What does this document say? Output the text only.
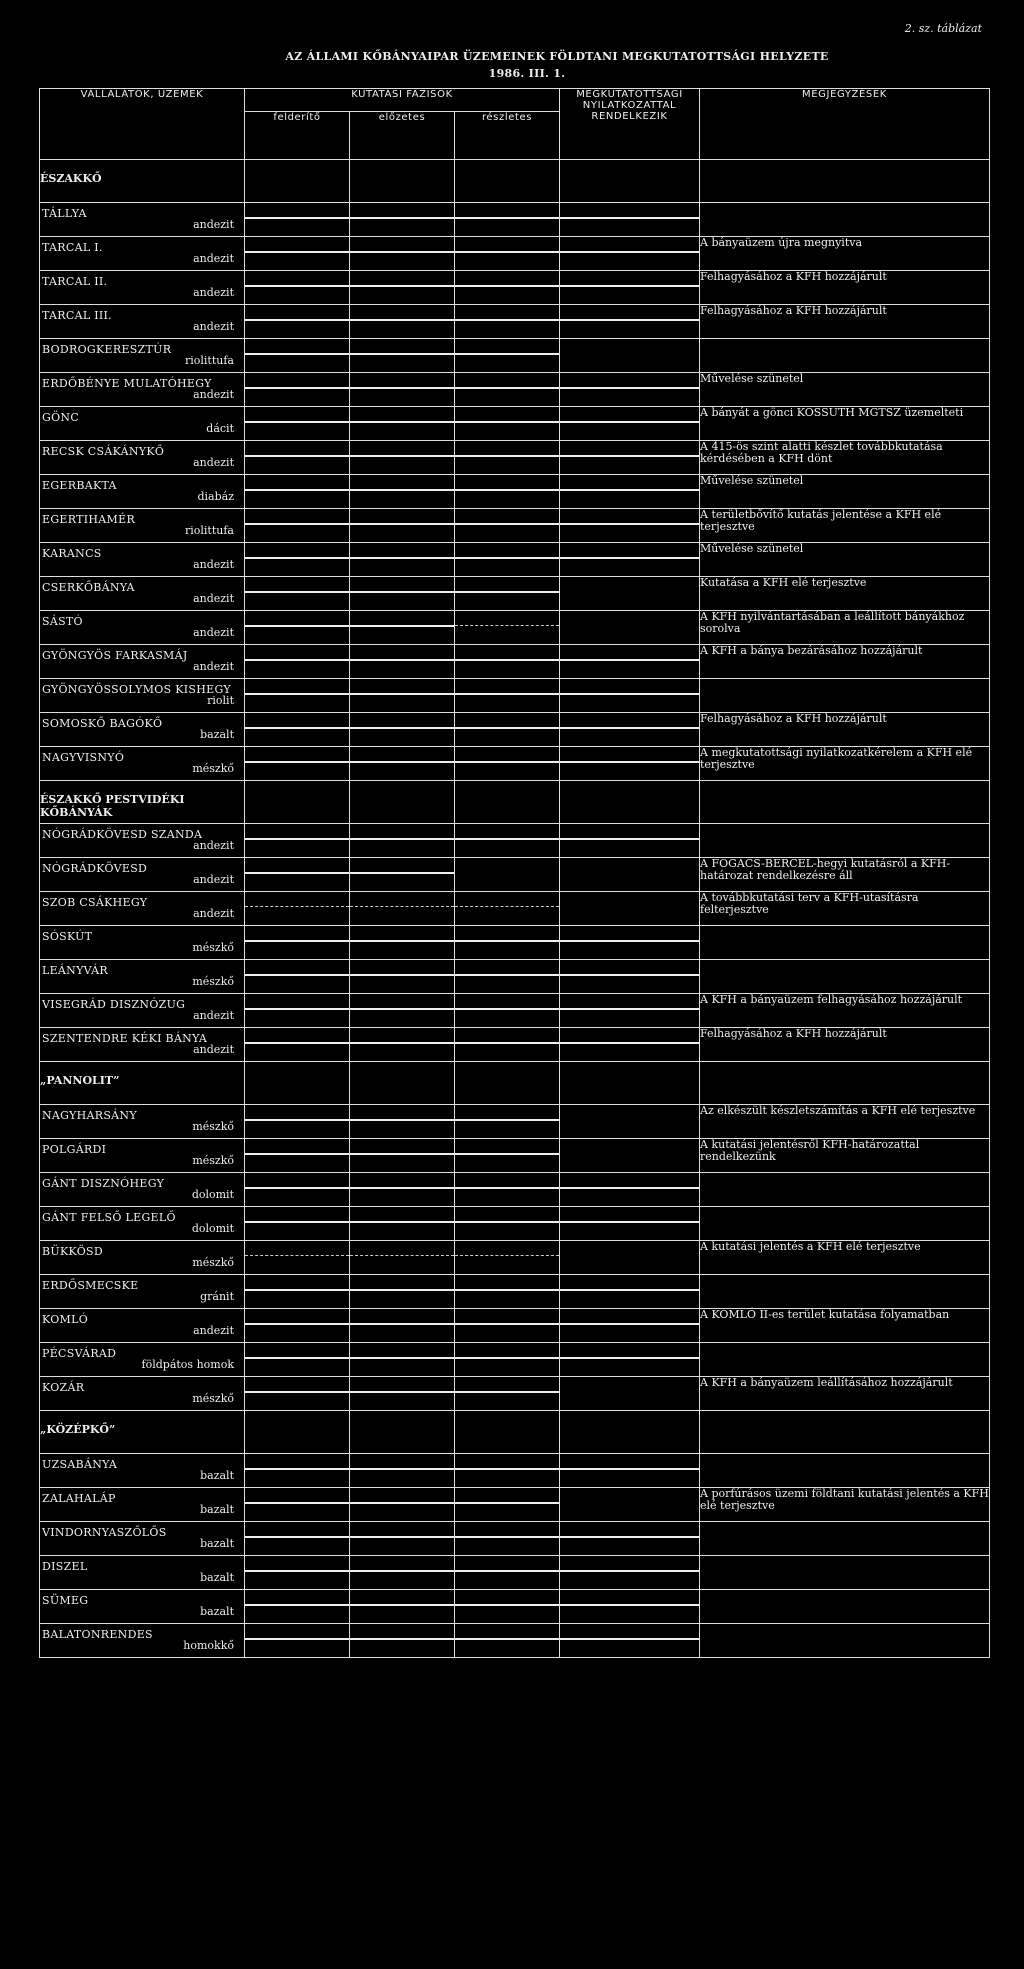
2. sz. táblázat
AZ ÁLLAMI KŐBÁNYAIPAR ÜZEMEINEK FÖLDTANI MEGKUTATOTTSÁGI HELYZETE
1986. III. 1.
VÁLLALATOK, ÜZEMEK	KUTATÁSI FÁZISOK			MEGKUTATOTTSÁGI NYILATKOZATTAL RENDELKEZIK	MEGJEGYZÉSEK
	felderítő	előzetes	részletes		
ÉSZAKKŐ					

TÁLLYA
andezit					

TARCAL I.
andezit					A bányaüzem újra megnyitva

TARCAL II.
andezit					Felhagyásához a KFH hozzájárult

TARCAL III.
andezit					Felhagyásához a KFH hozzájárult

BODROGKERESZTÚR
riolittufa					

ERDŐBÉNYE MULATÓHEGY
andezit					Művelése szünetel

GÖNC
dácit					A bányát a gönci KOSSUTH MGTSZ üzemelteti

RECSK CSÁKÁNYKŐ
andezit					A 415-ös szint alatti készlet továbbkutatása kérdésében a KFH dönt

EGERBAKTA
diabáz					Művelése szünetel

EGERTIHAMÉR
riolittufa					A területbővítő kutatás jelentése a KFH elé terjesztve

KARANCS
andezit					Művelése szünetel

CSERKŐBÁNYA
andezit					Kutatása a KFH elé terjesztve

SÁSTÓ
andezit					A KFH nyilvántartásában a leállított bányákhoz sorolva

GYÖNGYÖS FARKASMÁJ
andezit					A KFH a bánya bezárásához hozzájárult

GYÖNGYÖSSOLYMOS KISHEGY
riolit					

SOMOSKŐ BAGÓKŐ
bazalt					Felhagyásához a KFH hozzájárult

NAGYVISNYÓ
mészkő					A megkutatottsági nyilatkozatkérelem a KFH elé terjesztve
ÉSZAKKŐ PESTVIDÉKI KŐBÁNYÁK					

NÓGRÁDKÖVESD SZANDA
andezit					

NÓGRÁDKÖVESD
andezit					A FOGACS-BERCEL-hegyi kutatásról a KFH-határozat rendelkezésre áll

SZOB CSÁKHEGY
andezit					A továbbkutatási terv a KFH-utasításra felterjesztve

SÓSKÚT
mészkő					

LEÁNYVÁR
mészkő					

VISEGRÁD DISZNÓZUG
andezit					A KFH a bányaüzem felhagyásához hozzájárult

SZENTENDRE KÉKI BÁNYA
andezit					Felhagyásához a KFH hozzájárult
„PANNOLIT”					

NAGYHARSÁNY
mészkő					Az elkészült készletszámítás a KFH elé terjesztve

POLGÁRDI
mészkő					A kutatási jelentésről KFH-határozattal rendelkezünk

GÁNT DISZNÓHEGY
dolomit					

GÁNT FELSŐ LEGELŐ
dolomit					

BÜKKÖSD
mészkő					A kutatási jelentés a KFH elé terjesztve

ERDŐSMECSKE
gránit					

KOMLÓ
andezit					A KOMLÓ II-es terület kutatása folyamatban

PÉCSVÁRAD
földpátos homok					

KOZÁR
mészkő					A KFH a bányaüzem leállításához hozzájárult
„KÖZÉPKŐ”					

UZSABÁNYA
bazalt					

ZALAHALÁP
bazalt					A porfúrásos üzemi földtani kutatási jelentés a KFH elé terjesztve

VINDORNYASZŐLŐS
bazalt					

DISZEL
bazalt					

SÜMEG
bazalt					

BALATONRENDES
homokkő					
